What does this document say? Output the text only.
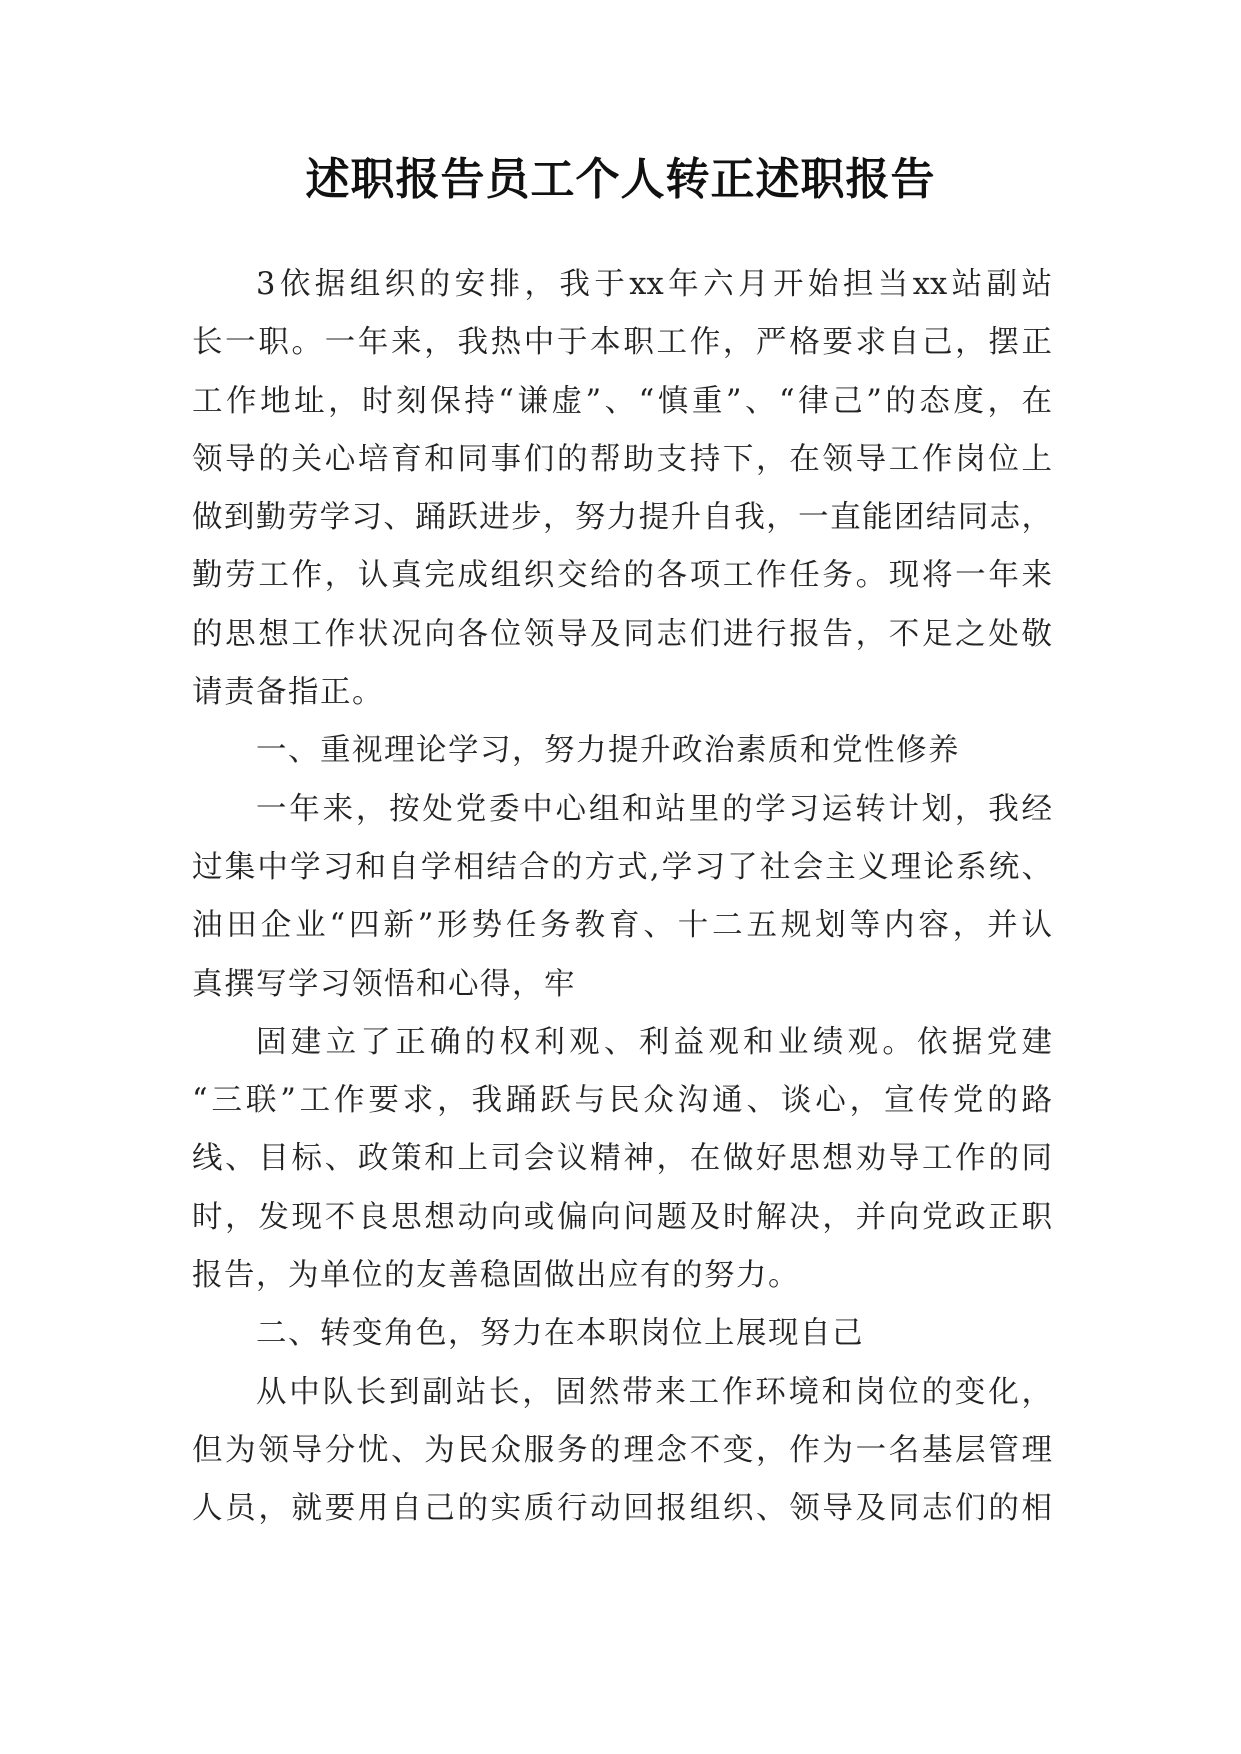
述职报告员工个人转正述职报告
3依据组织的安排，我于xx年六月开始担当xx站副站
长一职。一年来，我热中于本职工作，严格要求自己，摆正
工作地址，时刻保持“谦虚”、“慎重”、“律己”的态度，在
领导的关心培育和同事们的帮助支持下，在领导工作岗位上
做到勤劳学习、踊跃进步，努力提升自我，一直能团结同志，
勤劳工作，认真完成组织交给的各项工作任务。现将一年来
的思想工作状况向各位领导及同志们进行报告，不足之处敬
请责备指正。
一、重视理论学习，努力提升政治素质和党性修养
一年来，按处党委中心组和站里的学习运转计划，我经
过集中学习和自学相结合的方式,学习了社会主义理论系统、
油田企业“四新”形势任务教育、十二五规划等内容，并认
真撰写学习领悟和心得，牢
固建立了正确的权利观、利益观和业绩观。依据党建
“三联”工作要求，我踊跃与民众沟通、谈心，宣传党的路
线、目标、政策和上司会议精神，在做好思想劝导工作的同
时，发现不良思想动向或偏向问题及时解决，并向党政正职
报告，为单位的友善稳固做出应有的努力。
二、转变角色，努力在本职岗位上展现自己
从中队长到副站长，固然带来工作环境和岗位的变化，
但为领导分忧、为民众服务的理念不变，作为一名基层管理
人员，就要用自己的实质行动回报组织、领导及同志们的相
